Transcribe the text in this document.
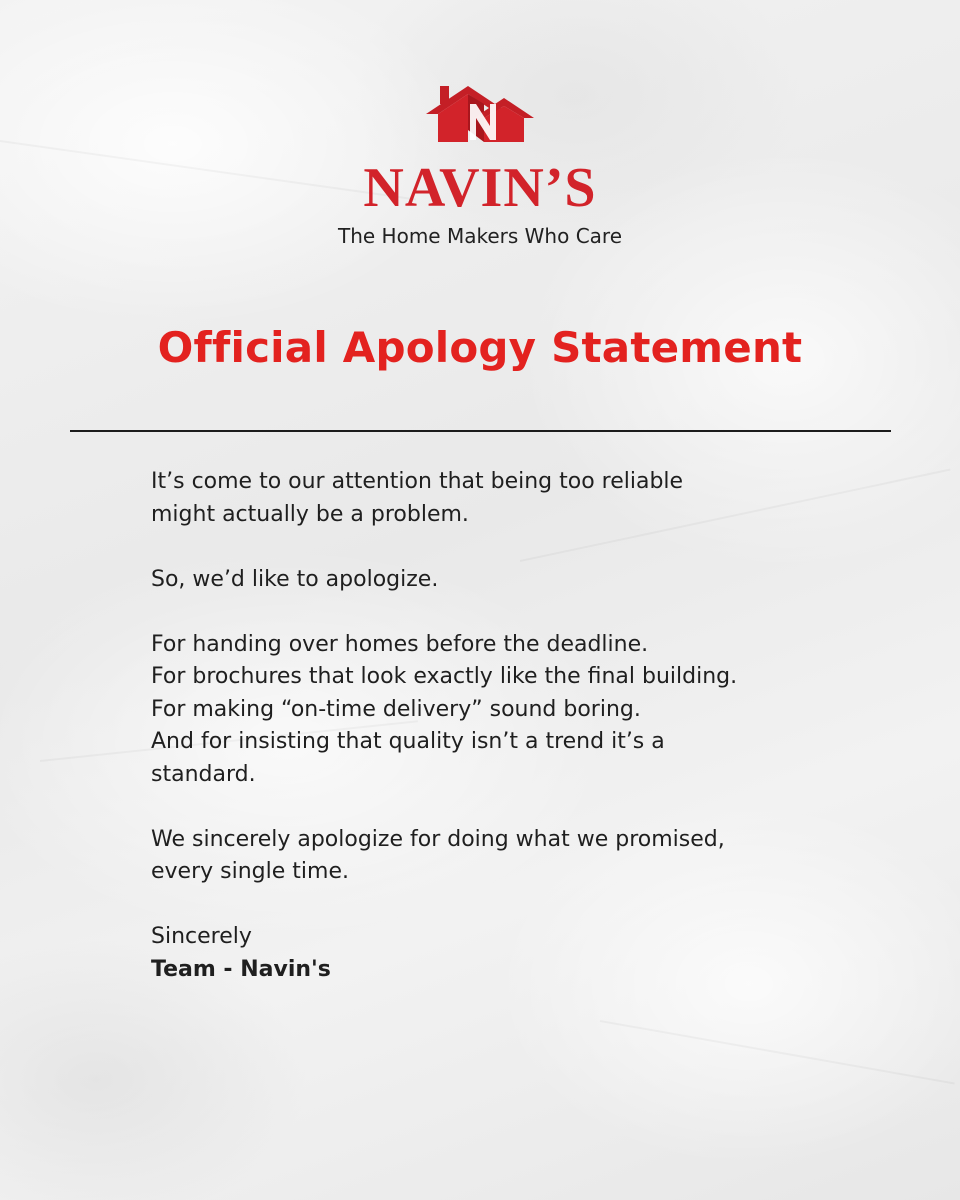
NAVIN’S
The Home Makers Who Care
Official Apology Statement
It’s come to our attention that being too reliable
might actually be a problem.
So, we’d like to apologize.
For handing over homes before the deadline.
For brochures that look exactly like the final building.
For making “on-time delivery” sound boring.
And for insisting that quality isn’t a trend it’s a
standard.
We sincerely apologize for doing what we promised,
every single time.
Sincerely
Team - Navin's
